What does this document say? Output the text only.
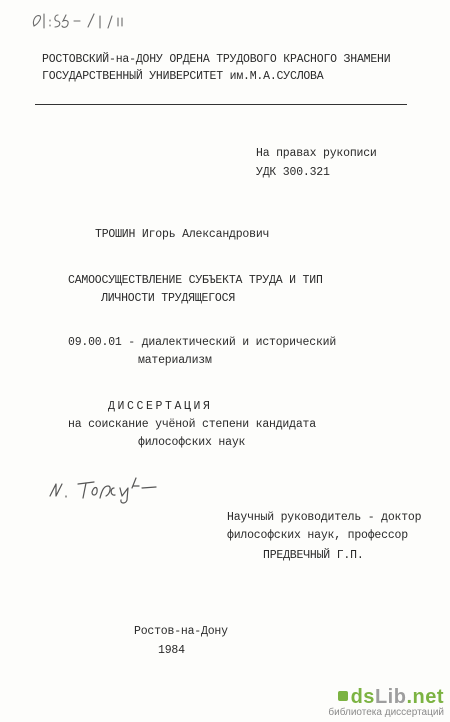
РОСТОВСКИЙ-на-ДОНУ ОРДЕНА ТРУДОВОГО КРАСНОГО ЗНАМЕНИ
ГОСУДАРСТВЕННЫЙ УНИВЕРСИТЕТ им.М.А.СУСЛОВА
На правах рукописи
УДК 300.321
ТРОШИН Игорь Александрович
САМООСУЩЕСТВЛЕНИЕ СУБЪЕКТА ТРУДА И ТИП
ЛИЧНОСТИ ТРУДЯЩЕГОСЯ
09.00.01 - диалектический и исторический
материализм
ДИССЕРТАЦИЯ
на соискание учёной степени кандидата
философских наук
Научный руководитель - доктор
философских наук, профессор
ПРЕДВЕЧНЫЙ Г.П.
Ростов-на-Дону
1984
dsLib.net
библиотека диссертаций
